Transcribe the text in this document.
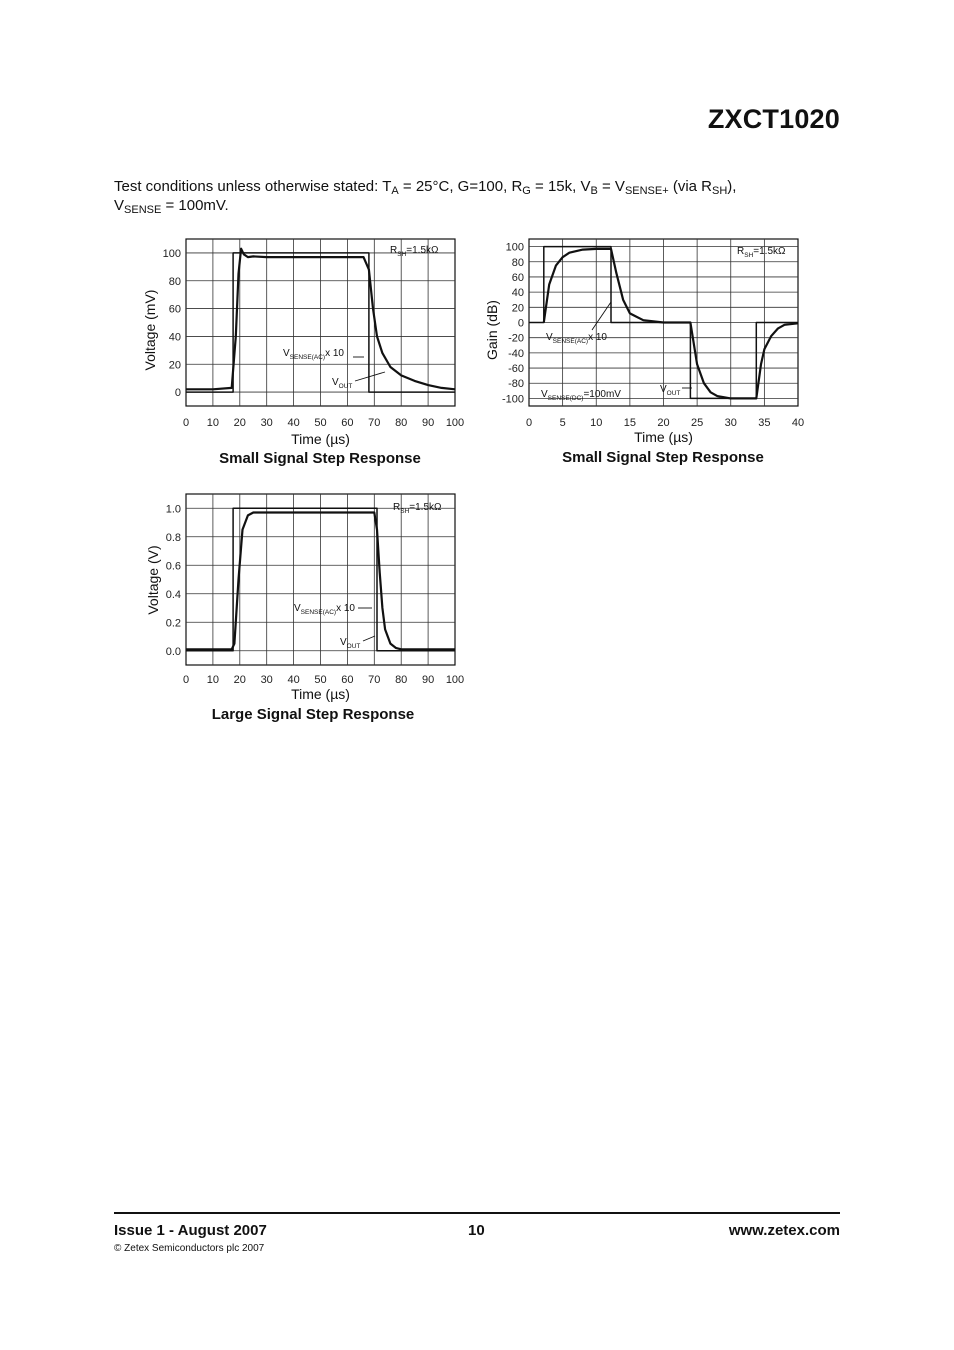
ZXCT1020
Test conditions unless otherwise stated: $T_A = 25^\circ C$, G=100, $R_G = 15k$, $V_B = V_{SENSE+}$ (via $R_{SH}$),
$V_{SENSE} = 100mV$.
0 10 20 30 40 50 60 70 80 90 100
0
20
40
60
80
100
Time (µs)
Voltage (mV)
Small Signal Step Response
$R_{SH}=1.5k\Omega$
$V_{SENSE(AC)}x$ 10
$V_{OUT}$
0	5 10 15 20 25 30 35 40
100
80
60
40
20
0
-20
-40
-60
-80
-100
Time (µs)
Gain (dB)
Small Signal Step Response
$R_{SH}=1.5k\Omega$
$V_{SENSE(AC)}x$ 10
$V_{OUT}$
$V_{SENSE(DC)}=100mV$
0 10 20 30 40 50 60 70 80 90 100
0.0
0.2
0.4
0.6
0.8
1.0
Time (µs)
Voltage (V)
Large Signal Step Response
$R_{SH}=1.5k\Omega$
$V_{SENSE(AC)}x$ 10
$V_{OUT}$
Issue 1 - August 2007	10	www.zetex.com
© Zetex Semiconductors plc 2007
